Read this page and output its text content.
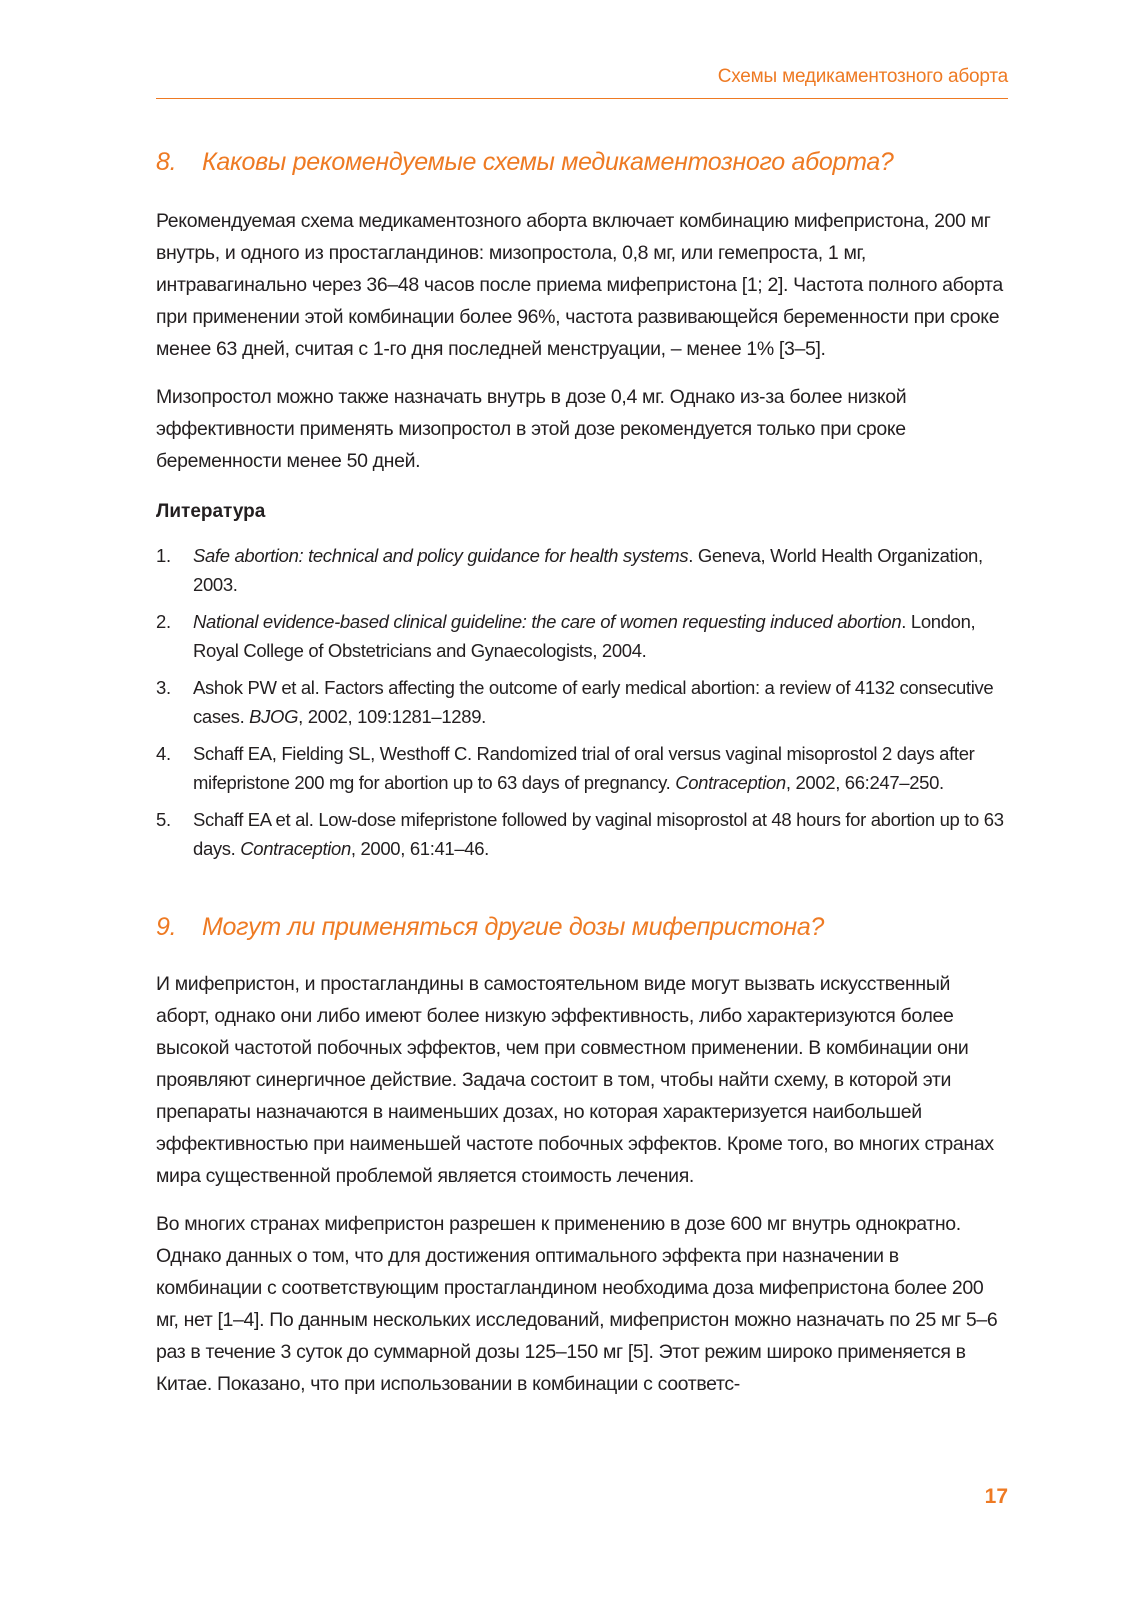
Схемы медикаментозного аборта
8. Каковы рекомендуемые схемы медикаментозного аборта?

Рекомендуемая схема медикаментозного аборта включает комбинацию мифепристона, 200 мг внутрь, и одного из простагландинов: мизопростола, 0,8 мг, или гемепроста, 1 мг, интравагинально через 36–48 часов после приема мифепристона [1; 2]. Частота полного аборта при применении этой комбинации более 96%, частота развивающейся беременности при сроке менее 63 дней, считая с 1-го дня последней менструации, – менее 1% [3–5].

Мизопростол можно также назначать внутрь в дозе 0,4 мг. Однако из-за более низкой эффективности применять мизопростол в этой дозе рекомендуется только при сроке беременности менее 50 дней.

Литература
1. Safe abortion: technical and policy guidance for health systems. Geneva, World Health Organization, 2003.
2. National evidence-based clinical guideline: the care of women requesting induced abortion. London, Royal College of Obstetricians and Gynaecologists, 2004.
3. Ashok PW et al. Factors affecting the outcome of early medical abortion: a review of 4132 consecutive cases. BJOG, 2002, 109:1281–1289.
4. Schaff EA, Fielding SL, Westhoff C. Randomized trial of oral versus vaginal misoprostol 2 days after mifepristone 200 mg for abortion up to 63 days of pregnancy. Contraception, 2002, 66:247–250.
5. Schaff EA et al. Low-dose mifepristone followed by vaginal misoprostol at 48 hours for abortion up to 63 days. Contraception, 2000, 61:41–46.
9. Могут ли применяться другие дозы мифепристона?

И мифепристон, и простагландины в самостоятельном виде могут вызвать искусственный аборт, однако они либо имеют более низкую эффективность, либо характеризуются более высокой частотой побочных эффектов, чем при совместном применении. В комбинации они проявляют синергичное действие. Задача состоит в том, чтобы найти схему, в которой эти препараты назначаются в наименьших дозах, но которая характеризуется наибольшей эффективностью при наименьшей частоте побочных эффектов. Кроме того, во многих странах мира существенной проблемой является стоимость лечения.

Во многих странах мифепристон разрешен к применению в дозе 600 мг внутрь однократно. Однако данных о том, что для достижения оптимального эффекта при назначении в комбинации с соответствующим простагландином необходима доза мифепристона более 200 мг, нет [1–4]. По данным нескольких исследований, мифепристон можно назначать по 25 мг 5–6 раз в течение 3 суток до суммарной дозы 125–150 мг [5]. Этот режим широко применяется в Китае. Показано, что при использовании в комбинации с соответс-

17
